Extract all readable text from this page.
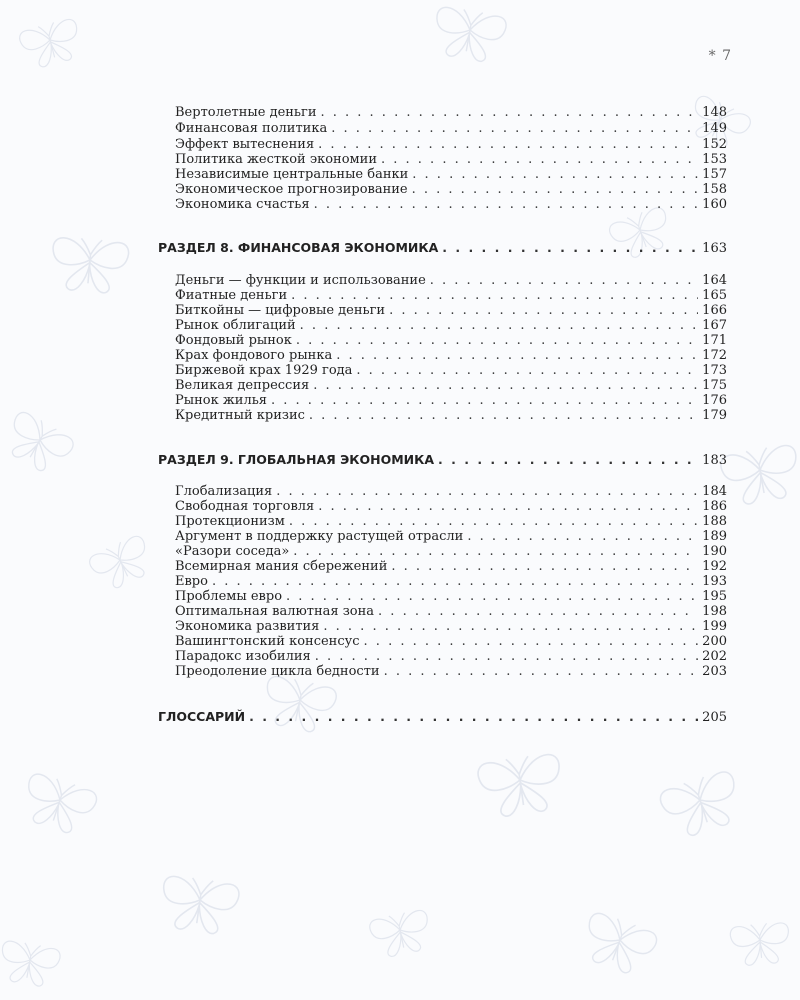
* 7
Вертолетные деньги . . .	148
Финансовая политика . . .	149
Эффект вытеснения . . .	152
Политика жесткой экономии . . .	153
Независимые центральные банки . . .	157
Экономическое прогнозирование . . .	158
Экономика счастья . . .	160
РАЗДЕЛ 8. ФИНАНСОВАЯ ЭКОНОМИКА . . .	163
Деньги — функции и использование . . .	164
Фиатные деньги . . .	165
Биткойны — цифровые деньги . . .	166
Рынок облигаций . . .	167
Фондовый рынок . . .	171
Крах фондового рынка . . .	172
Биржевой крах 1929 года . . .	173
Великая депрессия . . .	175
Рынок жилья . . .	176
Кредитный кризис . . .	179
РАЗДЕЛ 9. ГЛОБАЛЬНАЯ ЭКОНОМИКА . . .	183
Глобализация . . .	184
Свободная торговля . . .	186
Протекционизм . . .	188
Аргумент в поддержку растущей отрасли . . .	189
«Разори соседа» . . .	190
Всемирная мания сбережений . . .	192
Евро . . .	193
Проблемы евро . . .	195
Оптимальная валютная зона . . .	198
Экономика развития . . .	199
Вашингтонский консенсус . . .	200
Парадокс изобилия . . .	202
Преодоление цикла бедности . . .	203
ГЛОССАРИЙ . . .	205
